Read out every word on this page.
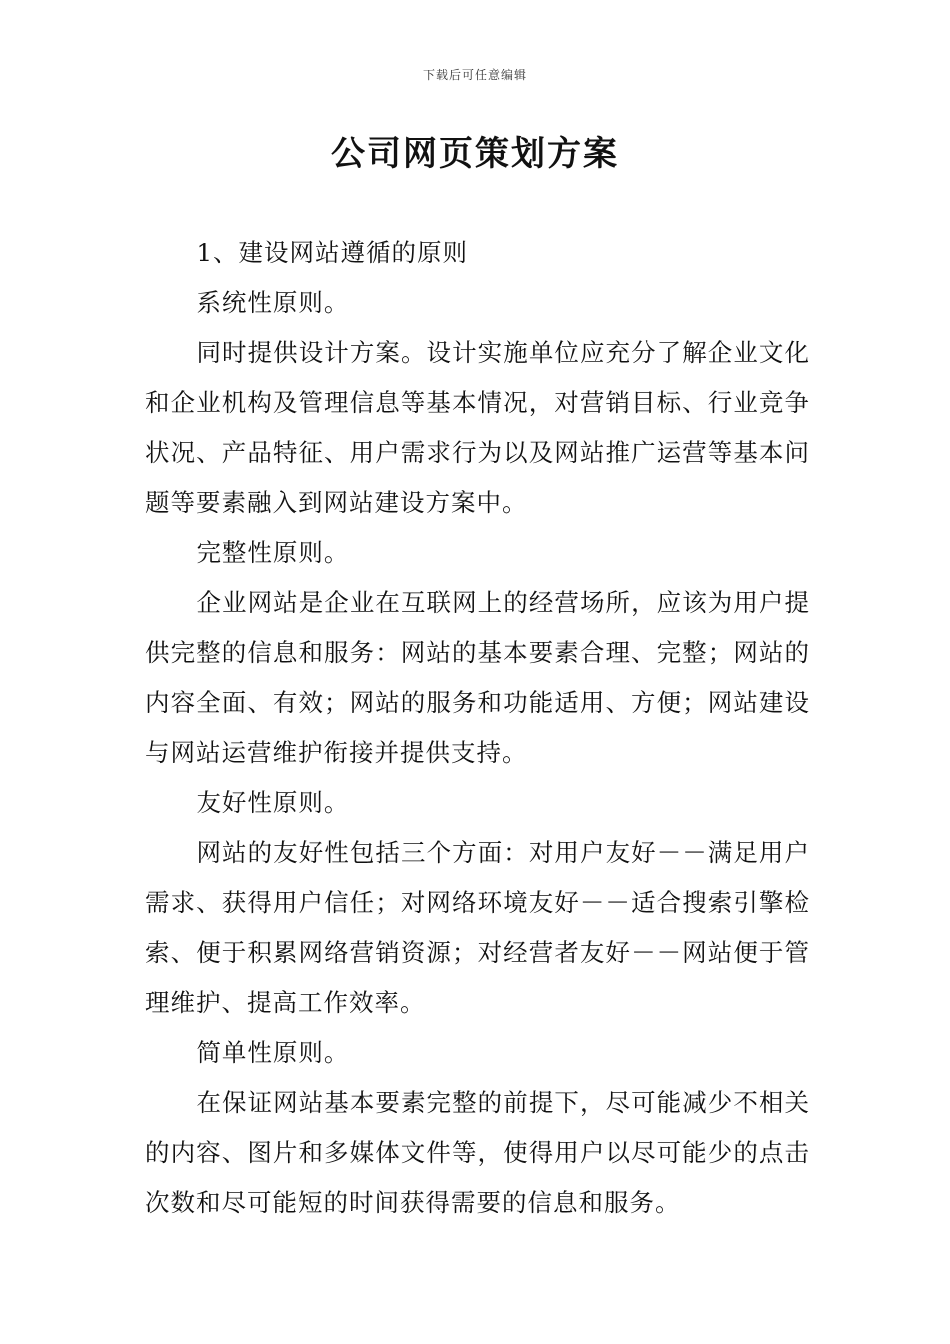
下载后可任意编辑
公司网页策划方案

1、建设网站遵循的原则

系统性原则。

同时提供设计方案。设计实施单位应充分了解企业文化和企业机构及管理信息等基本情况，对营销目标、行业竞争状况、产品特征、用户需求行为以及网站推广运营等基本问题等要素融入到网站建设方案中。

完整性原则。

企业网站是企业在互联网上的经营场所，应该为用户提供完整的信息和服务：网站的基本要素合理、完整；网站的内容全面、有效；网站的服务和功能适用、方便；网站建设与网站运营维护衔接并提供支持。

友好性原则。

网站的友好性包括三个方面：对用户友好－－满足用户需求、获得用户信任；对网络环境友好－－适合搜索引擎检索、便于积累网络营销资源；对经营者友好－－网站便于管理维护、提高工作效率。

简单性原则。

在保证网站基本要素完整的前提下，尽可能减少不相关的内容、图片和多媒体文件等，使得用户以尽可能少的点击次数和尽可能短的时间获得需要的信息和服务。
